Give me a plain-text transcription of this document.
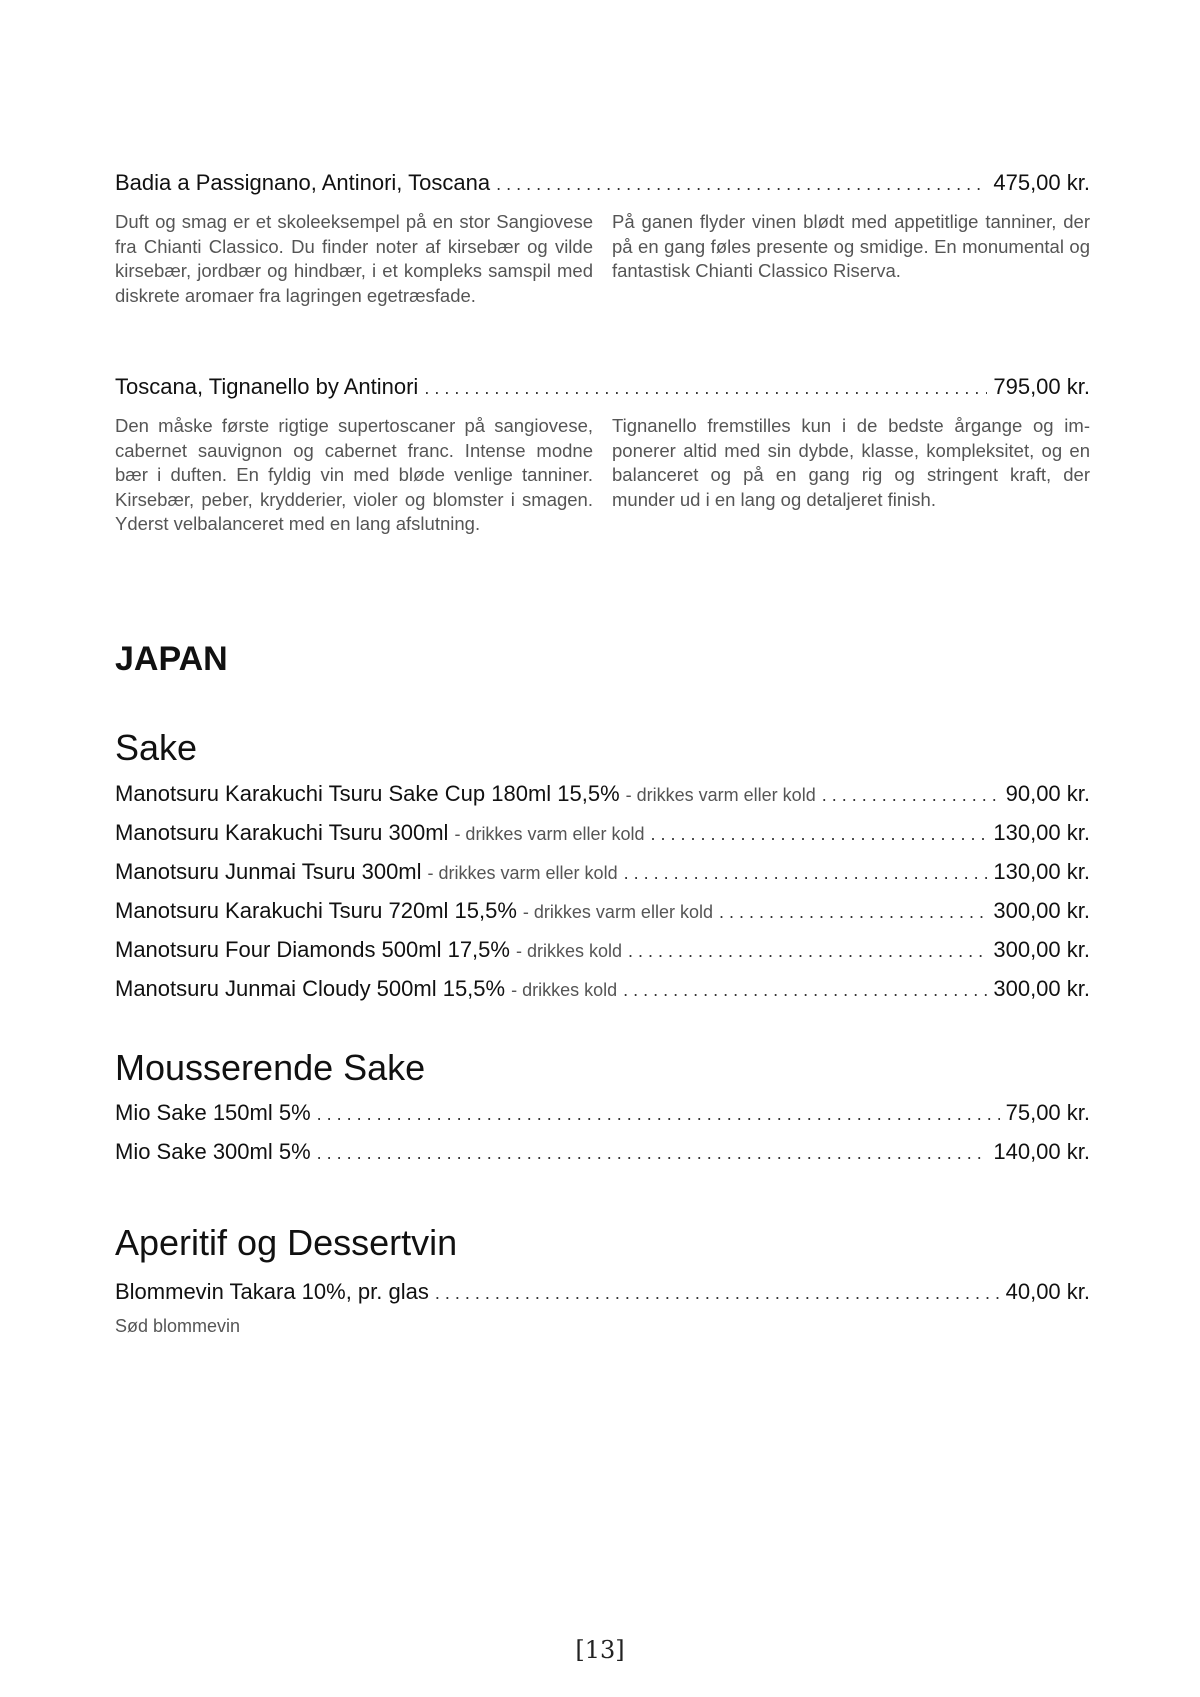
Badia a Passignano, Antinori, Toscana . . .	475,00 kr.

Duft og smag er et skoleeksempel på en stor Sangiovese fra Chianti Classico. Du finder noter af kirsebær og vilde kirsebær, jordbær og hindbær, i et kompleks samspil med diskrete aromaer fra lagringen egetræsfade.

På ganen flyder vinen blødt med appetitlige tanniner, der på en gang føles presente og smidige. En monumental og fantastisk Chianti Classico Riserva.

Toscana, Tignanello by Antinori . . .	795,00 kr.

Den måske første rigtige supertoscaner på sangiovese, cabernet sauvignon og cabernet franc. Intense modne bær i duften. En fyldig vin med bløde venlige tanniner. Kirsebær, peber, krydderier, violer og blomster i smagen. Yderst velbalanceret med en lang afslutning.

Tignanello fremstilles kun i de bedste årgange og im- ponerer altid med sin dybde, klasse, kompleksitet, og en balanceret og på en gang rig og stringent kraft, der munder ud i en lang og detaljeret finish.

JAPAN
Sake
Manotsuru Karakuchi Tsuru Sake Cup 180ml 15,5% - drikkes varm eller kold . . .	90,00 kr.
Manotsuru Karakuchi Tsuru 300ml - drikkes varm eller kold . . .	130,00 kr.
Manotsuru Junmai Tsuru 300ml - drikkes varm eller kold . . .	130,00 kr.
Manotsuru Karakuchi Tsuru 720ml 15,5% - drikkes varm eller kold . . .	300,00 kr.
Manotsuru Four Diamonds 500ml 17,5% - drikkes kold . . .	300,00 kr.
Manotsuru Junmai Cloudy 500ml 15,5% - drikkes kold . . .	300,00 kr.
Mousserende Sake
Mio Sake 150ml 5% . . .	75,00 kr.
Mio Sake 300ml 5% . . .	140,00 kr.
Aperitif og Dessertvin
Blommevin Takara 10%, pr. glas . . .	40,00 kr.
Sød blommevin
[13]
